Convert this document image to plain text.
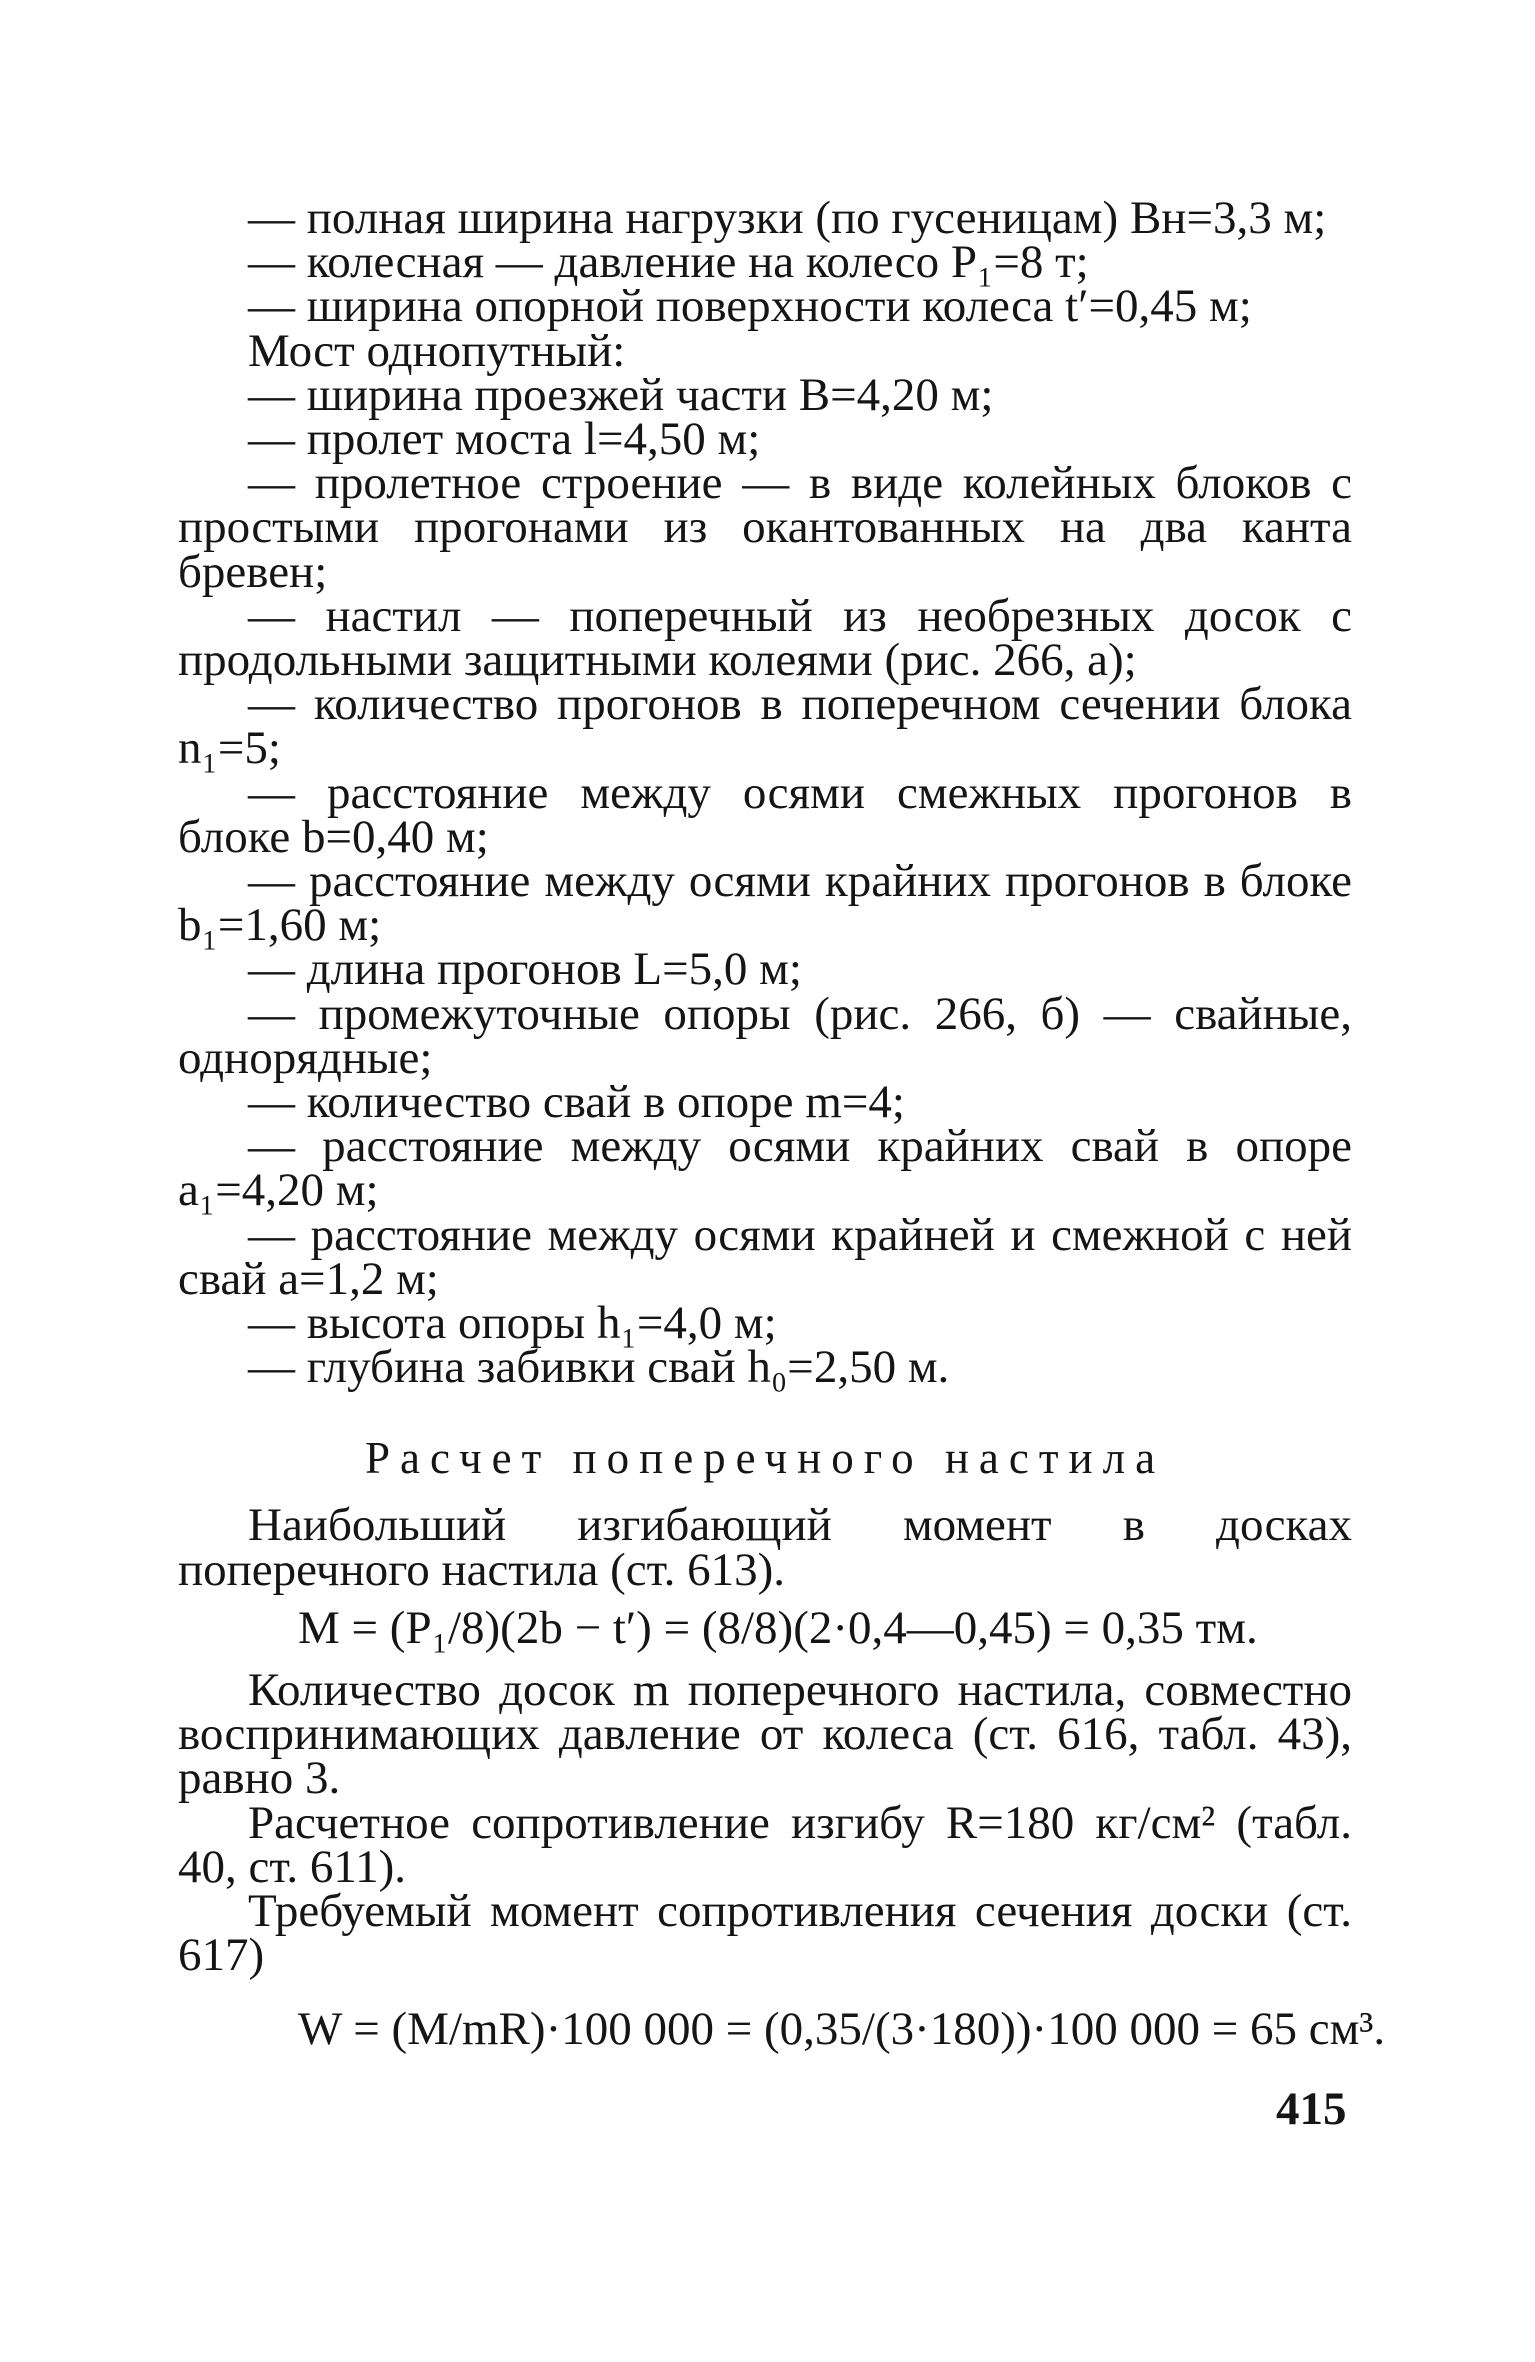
— полная ширина нагрузки (по гусеницам) Bн=3,3 м;

— колесная — давление на колесо P₁=8 т;

— ширина опорной поверхности колеса t′=0,45 м;

Мост однопутный:

— ширина проезжей части B=4,20 м;

— пролет моста l=4,50 м;

— пролетное строение — в виде колейных блоков с простыми прогонами из окантованных на два канта бревен;

— настил — поперечный из необрезных досок с продольными защитными колеями (рис. 266, а);

— количество прогонов в поперечном сечении блока n₁=5;

— расстояние между осями смежных прогонов в блоке b=0,40 м;

— расстояние между осями крайних прогонов в блоке b₁=1,60 м;

— длина прогонов L=5,0 м;

— промежуточные опоры (рис. 266, б) — свайные, однорядные;

— количество свай в опоре m=4;

— расстояние между осями крайних свай в опоре a₁=4,20 м;

— расстояние между осями крайней и смежной с ней свай a=1,2 м;

— высота опоры h₁=4,0 м;

— глубина забивки свай h₀=2,50 м.

Расчет поперечного настила

Наибольший изгибающий момент в досках поперечного настила (ст. 613).

M = (P₁/8)(2b − t′) = (8/8)(2·0,4—0,45) = 0,35 тм.

Количество досок m поперечного настила, совместно воспринимающих давление от колеса (ст. 616, табл. 43), равно 3.

Расчетное сопротивление изгибу R=180 кг/см² (табл. 40, ст. 611).

Требуемый момент сопротивления сечения доски (ст. 617)

W = (M/mR)·100 000 = (0,35/(3·180))·100 000 = 65 см³.

415
